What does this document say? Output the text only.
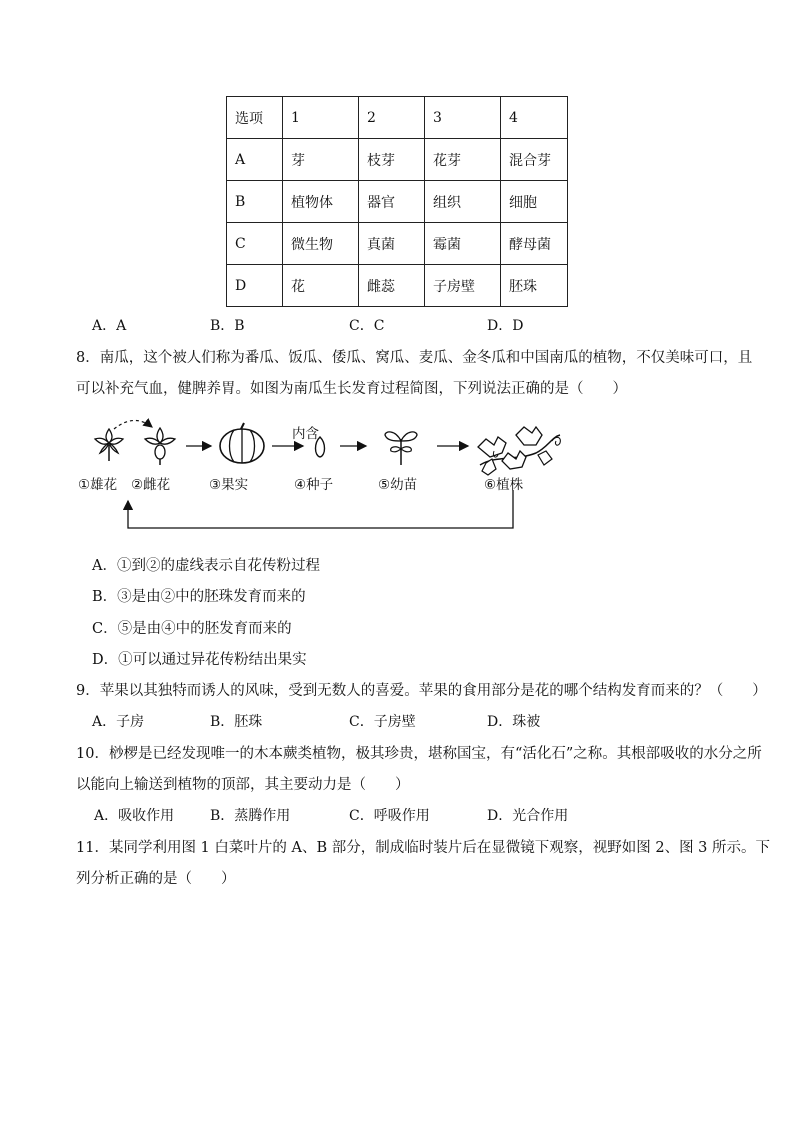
选项	1	2	3	4
A	芽	枝芽	花芽	混合芽
B	植物体	器官	组织	细胞
C	微生物	真菌	霉菌	酵母菌
D	花	雌蕊	子房壁	胚珠
A．A	B．B	C．C	D．D
8．南瓜，这个被人们称为番瓜、饭瓜、倭瓜、窝瓜、麦瓜、金冬瓜和中国南瓜的植物，不仅美味可口，且
可以补充气血，健脾养胃。如图为南瓜生长发育过程简图，下列说法正确的是（　　）
内含
①雄花 ②雌花	③果实	④种子	⑤幼苗	⑥植株
A．①到②的虚线表示自花传粉过程
B．③是由②中的胚珠发育而来的
C．⑤是由④中的胚发育而来的
D．①可以通过异花传粉结出果实
9．苹果以其独特而诱人的风味，受到无数人的喜爱。苹果的食用部分是花的哪个结构发育而来的？（　　）
A．子房	B．胚珠	C．子房壁	D．珠被
10．桫椤是已经发现唯一的木本蕨类植物，极其珍贵，堪称国宝，有“活化石”之称。其根部吸收的水分之所
以能向上输送到植物的顶部，其主要动力是（　　）
A．吸收作用	B．蒸腾作用	C．呼吸作用	D．光合作用
11．某同学利用图 1 白菜叶片的 A、B 部分，制成临时装片后在显微镜下观察，视野如图 2、图 3 所示。下
列分析正确的是（　　）
